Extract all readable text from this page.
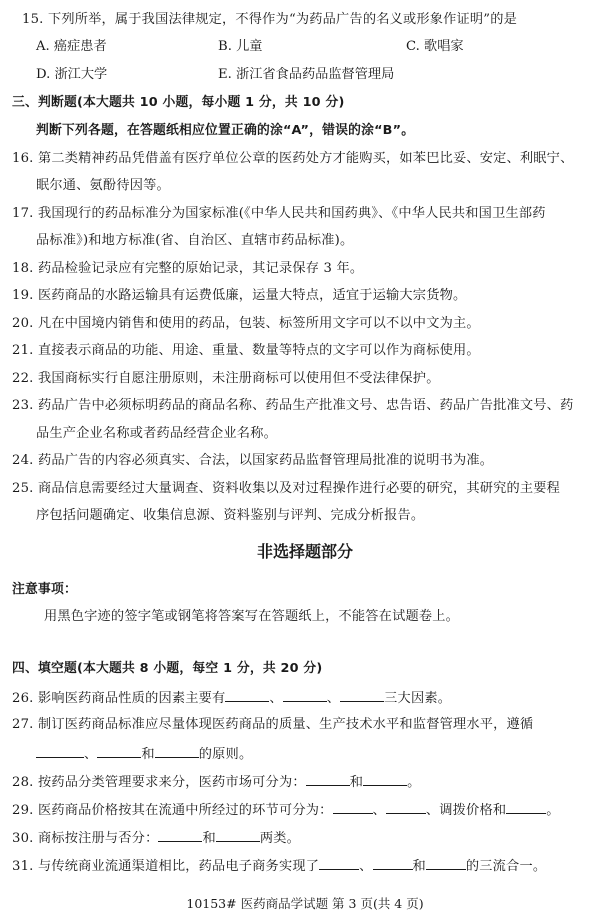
15. 下列所举，属于我国法律规定，不得作为“为药品广告的名义或形象作证明”的是
A. 癌症患者	B. 儿童	C. 歌唱家
D. 浙江大学	E. 浙江省食品药品监督管理局
三、判断题(本大题共 10 小题，每小题 1 分，共 10 分)
判断下列各题，在答题纸相应位置正确的涂“A”，错误的涂“B”。
16. 第二类精神药品凭借盖有医疗单位公章的医药处方才能购买，如苯巴比妥、安定、利眠宁、
眠尔通、氨酚待因等。
17. 我国现行的药品标准分为国家标准(《中华人民共和国药典》、《中华人民共和国卫生部药
品标准》)和地方标准(省、自治区、直辖市药品标准)。
18. 药品检验记录应有完整的原始记录，其记录保存 3 年。
19. 医药商品的水路运输具有运费低廉，运量大特点，适宜于运输大宗货物。
20. 凡在中国境内销售和使用的药品，包装、标签所用文字可以不以中文为主。
21. 直接表示商品的功能、用途、重量、数量等特点的文字可以作为商标使用。
22. 我国商标实行自愿注册原则，未注册商标可以使用但不受法律保护。
23. 药品广告中必须标明药品的商品名称、药品生产批准文号、忠告语、药品广告批准文号、药
品生产企业名称或者药品经营企业名称。
24. 药品广告的内容必须真实、合法，以国家药品监督管理局批准的说明书为准。
25. 商品信息需要经过大量调查、资料收集以及对过程操作进行必要的研究，其研究的主要程
序包括问题确定、收集信息源、资料鉴别与评判、完成分析报告。
非选择题部分
注意事项：
用黑色字迹的签字笔或钢笔将答案写在答题纸上，不能答在试题卷上。
四、填空题(本大题共 8 小题，每空 1 分，共 20 分)
26. 影响医药商品性质的因素主要有	、	、	三大因素。
27. 制订医药商品标准应尽量体现医药商品的质量、生产技术水平和监督管理水平，遵循
、	和	的原则。
28. 按药品分类管理要求来分，医药市场可分为：	和	。
29. 医药商品价格按其在流通中所经过的环节可分为：	、	、调拨价格和	。
30. 商标按注册与否分：	和	两类。
31. 与传统商业流通渠道相比，药品电子商务实现了	、	和	的三流合一。
10153# 医药商品学试题 第 3 页(共 4 页)
